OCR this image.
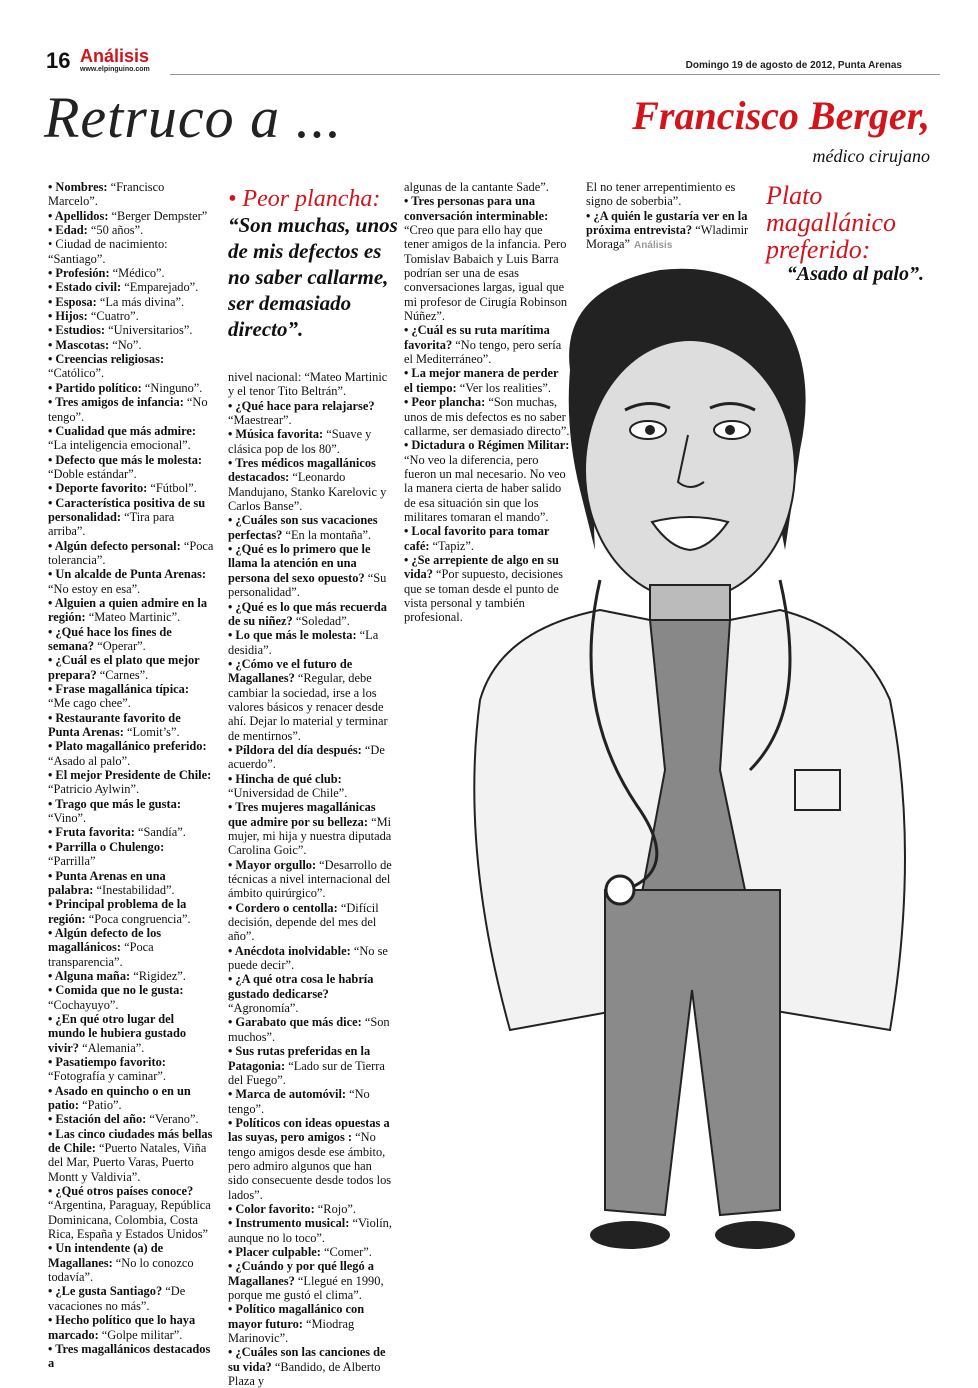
16 Análisis
www.elpinguino.com	Domingo 19 de agosto de 2012, Punta Arenas
Retruco a ...	Francisco Berger,
médico cirujano

• Nombres: “Francisco Marcelo”.

• Apellidos: “Berger Dempster”

• Edad: “50 años”.

• Ciudad de nacimiento: “Santiago”.

• Profesión: “Médico”.

• Estado civil: “Emparejado”.

• Esposa: “La más divina”.

• Hijos: “Cuatro”.

• Estudios: “Universitarios”.

• Mascotas: “No”.

• Creencias religiosas: “Católico”.

• Partido político: “Ninguno”.

• Tres amigos de infancia: “No tengo”.

• Cualidad que más admire: “La inteligencia emocional”.

• Defecto que más le molesta: “Doble estándar”.

• Deporte favorito: “Fútbol”.

• Característica positiva de su personalidad: “Tira para arriba”.

• Algún defecto personal: “Poca tolerancia”.

• Un alcalde de Punta Arenas: “No estoy en esa”.

• Alguien a quien admire en la región: “Mateo Martinic”.

• ¿Qué hace los fines de semana? “Operar”.

• ¿Cuál es el plato que mejor prepara? “Carnes”.

• Frase magallánica típica: “Me cago chee”.

• Restaurante favorito de Punta Arenas: “Lomit’s”.

• Plato magallánico preferido: “Asado al palo”.

• El mejor Presidente de Chile: “Patricio Aylwin”.

• Trago que más le gusta: “Vino”.

• Fruta favorita: “Sandía”.

• Parrilla o Chulengo: “Parrilla”

• Punta Arenas en una palabra: “Inestabilidad”.

• Principal problema de la región: “Poca congruencia”.

• Algún defecto de los magallánicos: “Poca transparencia”.

• Alguna maña: “Rigidez”.

• Comida que no le gusta: “Cochayuyo”.

• ¿En qué otro lugar del mundo le hubiera gustado vivir? “Alemania”.

• Pasatiempo favorito: “Fotografía y caminar”.

• Asado en quincho o en un patio: “Patio”.

• Estación del año: “Verano”.

• Las cinco ciudades más bellas de Chile: “Puerto Natales, Viña del Mar, Puerto Varas, Puerto Montt y Valdivia”.

• ¿Qué otros países conoce? “Argentina, Paraguay, República Dominicana, Colombia, Costa Rica, España y Estados Unidos”

• Un intendente (a) de Magallanes: “No lo conozco todavía”.

• ¿Le gusta Santiago? “De vacaciones no más”.

• Hecho político que lo haya marcado: “Golpe militar”.

• Tres magallánicos destacados a

• Peor plancha:
“Son muchas, unos de mis defectos es no saber callarme, ser demasiado directo”.

nivel nacional: “Mateo Martinic y el tenor Tito Beltrán”.

• ¿Qué hace para relajarse? “Maestrear”.

• Música favorita: “Suave y clásica pop de los 80”.

• Tres médicos magallánicos destacados: “Leonardo Mandujano, Stanko Karelovic y Carlos Banse”.

• ¿Cuáles son sus vacaciones perfectas? “En la montaña”.

• ¿Qué es lo primero que le llama la atención en una persona del sexo opuesto? “Su personalidad”.

• ¿Qué es lo que más recuerda de su niñez? “Soledad”.

• Lo que más le molesta: “La desidia”.

• ¿Cómo ve el futuro de Magallanes? “Regular, debe cambiar la sociedad, irse a los valores básicos y renacer desde ahí. Dejar lo material y terminar de mentirnos”.

• Píldora del día después: “De acuerdo”.

• Hincha de qué club: “Universidad de Chile”.

• Tres mujeres magallánicas que admire por su belleza: “Mi mujer, mi hija y nuestra diputada Carolina Goic”.

• Mayor orgullo: “Desarrollo de técnicas a nivel internacional del ámbito quirúrgico”.

• Cordero o centolla: “Difícil decisión, depende del mes del año”.

• Anécdota inolvidable: “No se puede decir”.

• ¿A qué otra cosa le habría gustado dedicarse? “Agronomía”.

• Garabato que más dice: “Son muchos”.

• Sus rutas preferidas en la Patagonia: “Lado sur de Tierra del Fuego”.

• Marca de automóvil: “No tengo”.

• Políticos con ideas opuestas a las suyas, pero amigos : “No tengo amigos desde ese ámbito, pero admiro algunos que han sido consecuente desde todos los lados”.

• Color favorito: “Rojo”.

• Instrumento musical: “Violín, aunque no lo toco”.

• Placer culpable: “Comer”.

• ¿Cuándo y por qué llegó a Magallanes? “Llegué en 1990, porque me gustó el clima”.

• Político magallánico con mayor futuro: “Miodrag Marinovic”.

• ¿Cuáles son las canciones de su vida? “Bandido, de Alberto Plaza y

algunas de la cantante Sade”.

• Tres personas para una conversación interminable: “Creo que para ello hay que tener amigos de la infancia. Pero Tomislav Babaich y Luis Barra podrían ser una de esas conversaciones largas, igual que mi profesor de Cirugía Robinson Núñez”.

• ¿Cuál es su ruta marítima favorita? “No tengo, pero sería el Mediterráneo”.

• La mejor manera de perder el tiempo: “Ver los realities”.

• Peor plancha: “Son muchas, unos de mis defectos es no saber callarme, ser demasiado directo”.

• Dictadura o Régimen Militar: “No veo la diferencia, pero fueron un mal necesario. No veo la manera cierta de haber salido de esa situación sin que los militares tomaran el mando”.

• Local favorito para tomar café: “Tapiz”.

• ¿Se arrepiente de algo en su vida? “Por supuesto, decisiones que se toman desde el punto de vista personal y también profesional.

El no tener arrepentimiento es signo de soberbia”.

• ¿A quién le gustaría ver en la próxima entrevista? “Wladimir Moraga” Análisis

Plato magallánico preferido:
“Asado al palo”.
